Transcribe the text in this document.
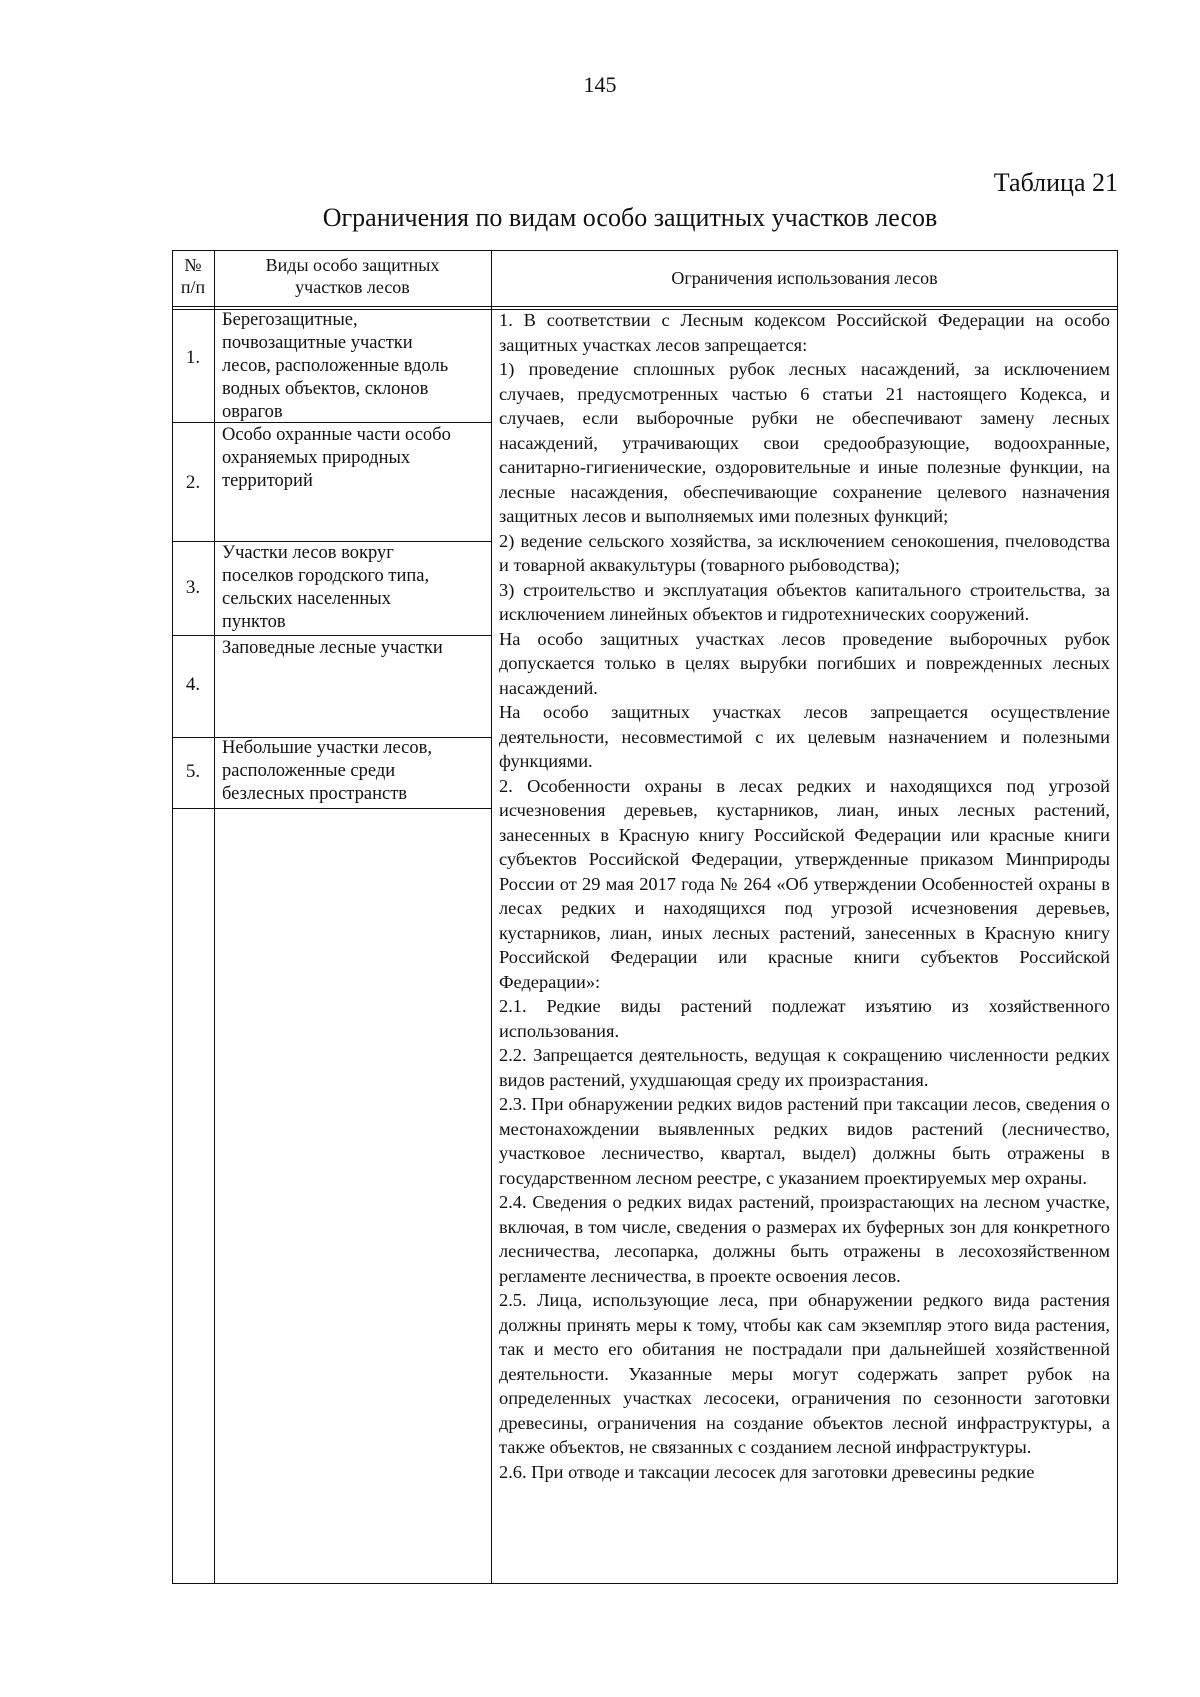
145
Таблица 21
Ограничения по видам особо защитных участков лесов
№
п/п
Виды особо защитных
участков лесов	Ограничения использования лесов
1.
Берегозащитные,
почвозащитные участки
лесов, расположенные вдоль
водных объектов, склонов
оврагов
2.
Особо охранные части особо
охраняемых природных
территорий
3.
Участки лесов вокруг
поселков городского типа,
сельских населенных
пунктов
4.
Заповедные лесные участки
5.
Небольшие участки лесов,
расположенные среди
безлесных пространств

1. В соответствии с Лесным кодексом Российской Федерации на особо защитных участках лесов запрещается:

1) проведение сплошных рубок лесных насаждений, за исключением случаев, предусмотренных частью 6 статьи 21 настоящего Кодекса, и случаев, если выборочные рубки не обеспечивают замену лесных насаждений, утрачивающих свои средообразующие, водоохранные, санитарно-гигиенические, оздоровительные и иные полезные функции, на лесные насаждения, обеспечивающие сохранение целевого назначения защитных лесов и выполняемых ими полезных функций;

2) ведение сельского хозяйства, за исключением сенокошения, пчеловодства и товарной аквакультуры (товарного рыбоводства);

3) строительство и эксплуатация объектов капитального строительства, за исключением линейных объектов и гидротехнических сооружений.

На особо защитных участках лесов проведение выборочных рубок допускается только в целях вырубки погибших и поврежденных лесных насаждений.

На особо защитных участках лесов запрещается осуществление деятельности, несовместимой с их целевым назначением и полезными функциями.

2. Особенности охраны в лесах редких и находящихся под угрозой исчезновения деревьев, кустарников, лиан, иных лесных растений, занесенных в Красную книгу Российской Федерации или красные книги субъектов Российской Федерации, утвержденные приказом Минприроды России от 29 мая 2017 года № 264 «Об утверждении Особенностей охраны в лесах редких и находящихся под угрозой исчезновения деревьев, кустарников, лиан, иных лесных растений, занесенных в Красную книгу Российской Федерации или красные книги субъектов Российской Федерации»:

2.1. Редкие виды растений подлежат изъятию из хозяйственного использования.

2.2. Запрещается деятельность, ведущая к сокращению численности редких видов растений, ухудшающая среду их произрастания.

2.3. При обнаружении редких видов растений при таксации лесов, сведения о местонахождении выявленных редких видов растений (лесничество, участковое лесничество, квартал, выдел) должны быть отражены в государственном лесном реестре, с указанием проектируемых мер охраны.

2.4. Сведения о редких видах растений, произрастающих на лесном участке, включая, в том числе, сведения о размерах их буферных зон для конкретного лесничества, лесопарка, должны быть отражены в лесохозяйственном регламенте лесничества, в проекте освоения лесов.

2.5. Лица, использующие леса, при обнаружении редкого вида растения должны принять меры к тому, чтобы как сам экземпляр этого вида растения, так и место его обитания не пострадали при дальнейшей хозяйственной деятельности. Указанные меры могут содержать запрет рубок на определенных участках лесосеки, ограничения по сезонности заготовки древесины, ограничения на создание объектов лесной инфраструктуры, а также объектов, не связанных с созданием лесной инфраструктуры.

2.6. При отводе и таксации лесосек для заготовки древесины редкие
